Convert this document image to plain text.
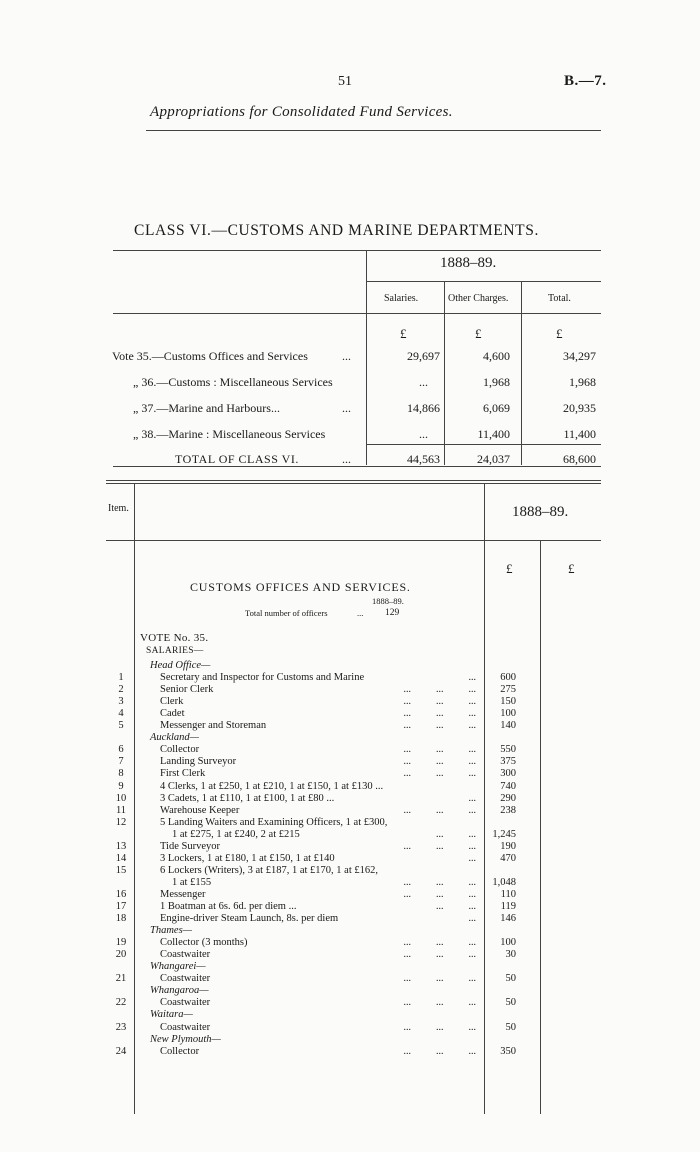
51	B.—7.
Appropriations for Consolidated Fund Services.
CLASS VI.—CUSTOMS AND MARINE DEPARTMENTS.
1888–89.
Salaries.	Other Charges.	Total.
£	£	£
Vote 35.—Customs Offices and Services	...	29,697	4,600	34,297
„ 36.—Customs : Miscellaneous Services	...	1,968	1,968
„ 37.—Marine and Harbours...	...	14,866	6,069	20,935
„ 38.—Marine : Miscellaneous Services	...	11,400	11,400
TOTAL OF CLASS VI.	...	44,563	24,037	68,600
Item.	1888–89.
£	£
CUSTOMS OFFICES AND SERVICES.
1888–89.
Total number of officers	... 129
VOTE No. 35.
SALARIES—
Head Office—
1	Secretary and Inspector for Customs and Marine	...	600
2	Senior Clerk	...          ...          ...	275
3	Clerk	...          ...          ...	150
4	Cadet	...          ...          ...	100
5	Messenger and Storeman	...          ...          ...	140
Auckland—
6	Collector	...          ...          ...	550
7	Landing Surveyor	...          ...          ...	375
8	First Clerk	...          ...          ...	300
9	4 Clerks, 1 at £250, 1 at £210, 1 at £150, 1 at £130 ...	740
10	3 Cadets, 1 at £110, 1 at £100, 1 at £80 ...	...	290
11	Warehouse Keeper	...          ...          ...	238
12	5 Landing Waiters and Examining Officers, 1 at £300,
1 at £275, 1 at £240, 2 at £215	...          ...	1,245
13	Tide Surveyor	...          ...          ...	190
14	3 Lockers, 1 at £180, 1 at £150, 1 at £140	...	470
15	6 Lockers (Writers), 3 at £187, 1 at £170, 1 at £162,
1 at £155	...          ...          ...	1,048
16	Messenger	...          ...          ...	110
17	1 Boatman at 6s. 6d. per diem ...	...          ...	119
18	Engine-driver Steam Launch, 8s. per diem	...	146
Thames—
19	Collector (3 months)	...          ...          ...	100
20	Coastwaiter	...          ...          ...	30
Whangarei—
21	Coastwaiter	...          ...          ...	50
Whangaroa—
22	Coastwaiter	...          ...          ...	50
Waitara—
23	Coastwaiter	...          ...          ...	50
New Plymouth—
24	Collector	...          ...          ...	350
